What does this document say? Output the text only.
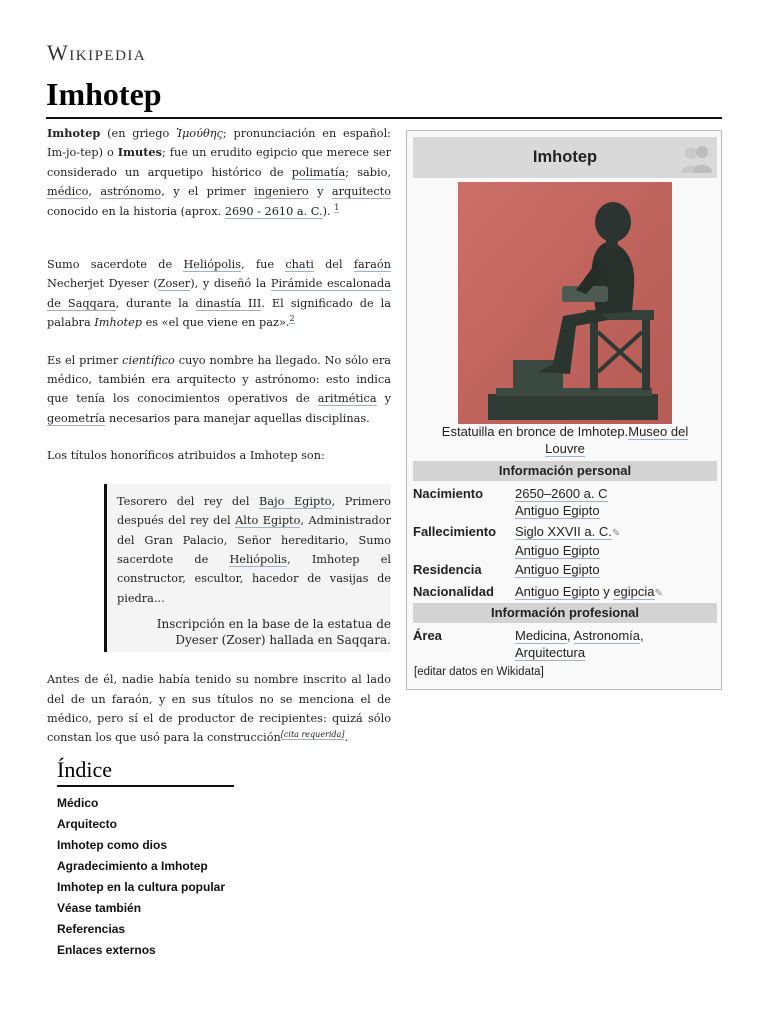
Wikipedia
Imhotep

Imhotep (en griego Ἰμούθης; pronunciación en español: Im-jo-tep) o Imutes; fue un erudito egipcio que merece ser considerado un arquetipo histórico de polimatía; sabio, médico, astrónomo, y el primer ingeniero y arquitecto conocido en la historia (aprox. 2690 - 2610 a. C.). $^1$

Sumo sacerdote de Heliópolis, fue chati del faraón Necherjet Dyeser (Zoser), y diseñó la Pirámide escalonada de Saqqara, durante la dinastía III. El significado de la palabra Imhotep es «el que viene en paz».$^2$

Es el primer científico cuyo nombre ha llegado. No sólo era médico, también era arquitecto y astrónomo: esto indica que tenía los conocimientos operativos de aritmética y geometría necesarios para manejar aquellas disciplinas.

Los títulos honoríficos atribuidos a Imhotep son:

Tesorero del rey del Bajo Egipto, Primero después del rey del Alto Egipto, Administrador del Gran Palacio, Señor hereditario, Sumo sacerdote de Heliópolis, Imhotep el constructor, escultor, hacedor de vasijas de piedra...
Inscripción en la base de la estatua de Dyeser (Zoser) hallada en Saqqara.

Antes de él, nadie había tenido su nombre inscrito al lado del de un faraón, y en sus títulos no se menciona el de médico, pero sí el de productor de recipientes: quizá sólo constan los que usó para la construcción[cita requerida].

Imhotep
Estatuilla en bronce de Imhotep.Museo del Louvre
Información personal
Nacimiento 2650–2600 a. C
Antiguo Egipto
Fallecimiento Siglo XXVII a. C.✎
Antiguo Egipto
Residencia	Antiguo Egipto
Nacionalidad Antiguo Egipto y egipcia✎
Información profesional
Área	Medicina, Astronomía,
Arquitectura
[editar datos en Wikidata]
Índice
Médico
Arquitecto
Imhotep como dios
Agradecimiento a Imhotep
Imhotep en la cultura popular
Véase también
Referencias
Enlaces externos
